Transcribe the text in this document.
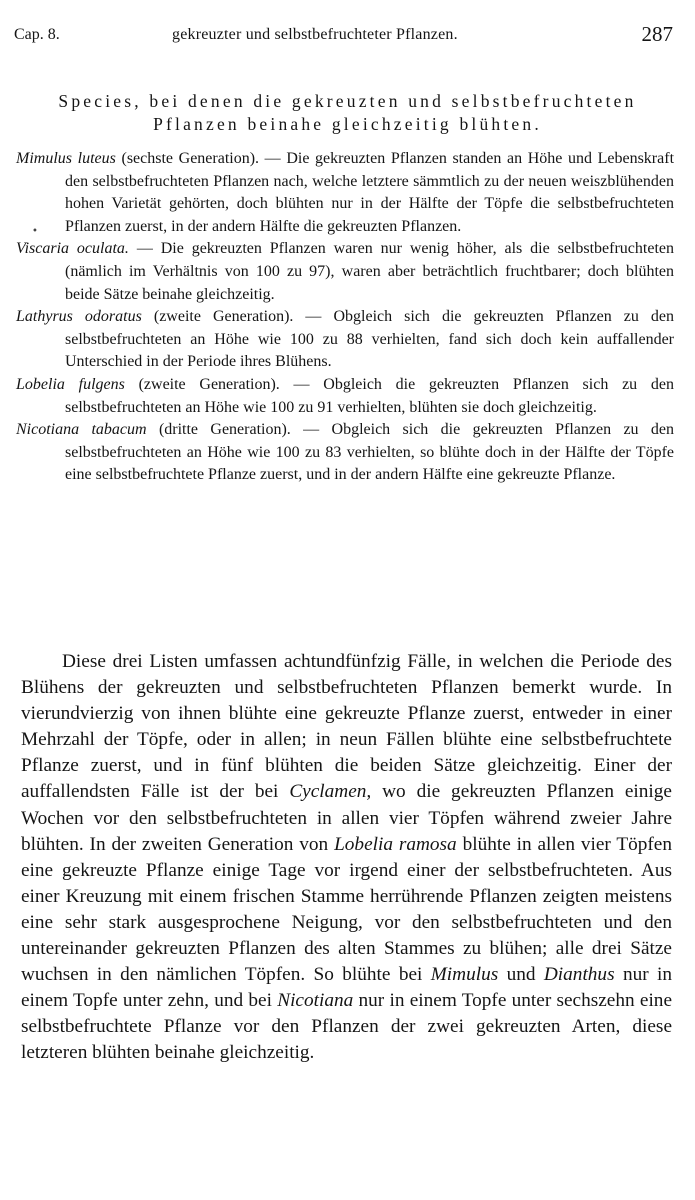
Cap. 8.	gekreuzter und selbstbefruchteter Pflanzen.	287
Species, bei denen die gekreuzten und selbstbefruchteten
Pflanzen beinahe gleichzeitig blühten.
•

Mimulus luteus (sechste Generation). — Die gekreuzten Pflanzen standen an Höhe und Lebenskraft den selbstbefruchteten Pflanzen nach, welche letztere sämmtlich zu der neuen weiszblühenden hohen Varietät gehörten, doch blühten nur in der Hälfte der Töpfe die selbstbefruchteten Pflanzen zuerst, in der andern Hälfte die gekreuzten Pflanzen.

Viscaria oculata. — Die gekreuzten Pflanzen waren nur wenig höher, als die selbstbefruchteten (nämlich im Verhältnis von 100 zu 97), waren aber beträchtlich fruchtbarer; doch blühten beide Sätze beinahe gleichzeitig.

Lathyrus odoratus (zweite Generation). — Obgleich sich die gekreuzten Pflanzen zu den selbstbefruchteten an Höhe wie 100 zu 88 verhielten, fand sich doch kein auffallender Unterschied in der Periode ihres Blühens.

Lobelia fulgens (zweite Generation). — Obgleich die gekreuzten Pflanzen sich zu den selbstbefruchteten an Höhe wie 100 zu 91 verhielten, blühten sie doch gleichzeitig.

Nicotiana tabacum (dritte Generation). — Obgleich sich die gekreuzten Pflanzen zu den selbstbefruchteten an Höhe wie 100 zu 83 verhielten, so blühte doch in der Hälfte der Töpfe eine selbstbefruchtete Pflanze zuerst, und in der andern Hälfte eine gekreuzte Pflanze.

Diese drei Listen umfassen achtundfünfzig Fälle, in welchen die Periode des Blühens der gekreuzten und selbstbefruchteten Pflanzen bemerkt wurde. In vierundvierzig von ihnen blühte eine gekreuzte Pflanze zuerst, entweder in einer Mehrzahl der Töpfe, oder in allen; in neun Fällen blühte eine selbstbefruchtete Pflanze zuerst, und in fünf blühten die beiden Sätze gleichzeitig. Einer der auffallendsten Fälle ist der bei Cyclamen, wo die gekreuzten Pflanzen einige Wochen vor den selbstbefruchteten in allen vier Töpfen während zweier Jahre blühten. In der zweiten Generation von Lobelia ramosa blühte in allen vier Töpfen eine gekreuzte Pflanze einige Tage vor irgend einer der selbstbefruchteten. Aus einer Kreuzung mit einem frischen Stamme herrührende Pflanzen zeigten meistens eine sehr stark ausgesprochene Neigung, vor den selbstbefruchteten und den untereinander gekreuzten Pflanzen des alten Stammes zu blühen; alle drei Sätze wuchsen in den nämlichen Töpfen. So blühte bei Mimulus und Dianthus nur in einem Topfe unter zehn, und bei Nicotiana nur in einem Topfe unter sechszehn eine selbstbefruchtete Pflanze vor den Pflanzen der zwei gekreuzten Arten, diese letzteren blühten beinahe gleichzeitig.
